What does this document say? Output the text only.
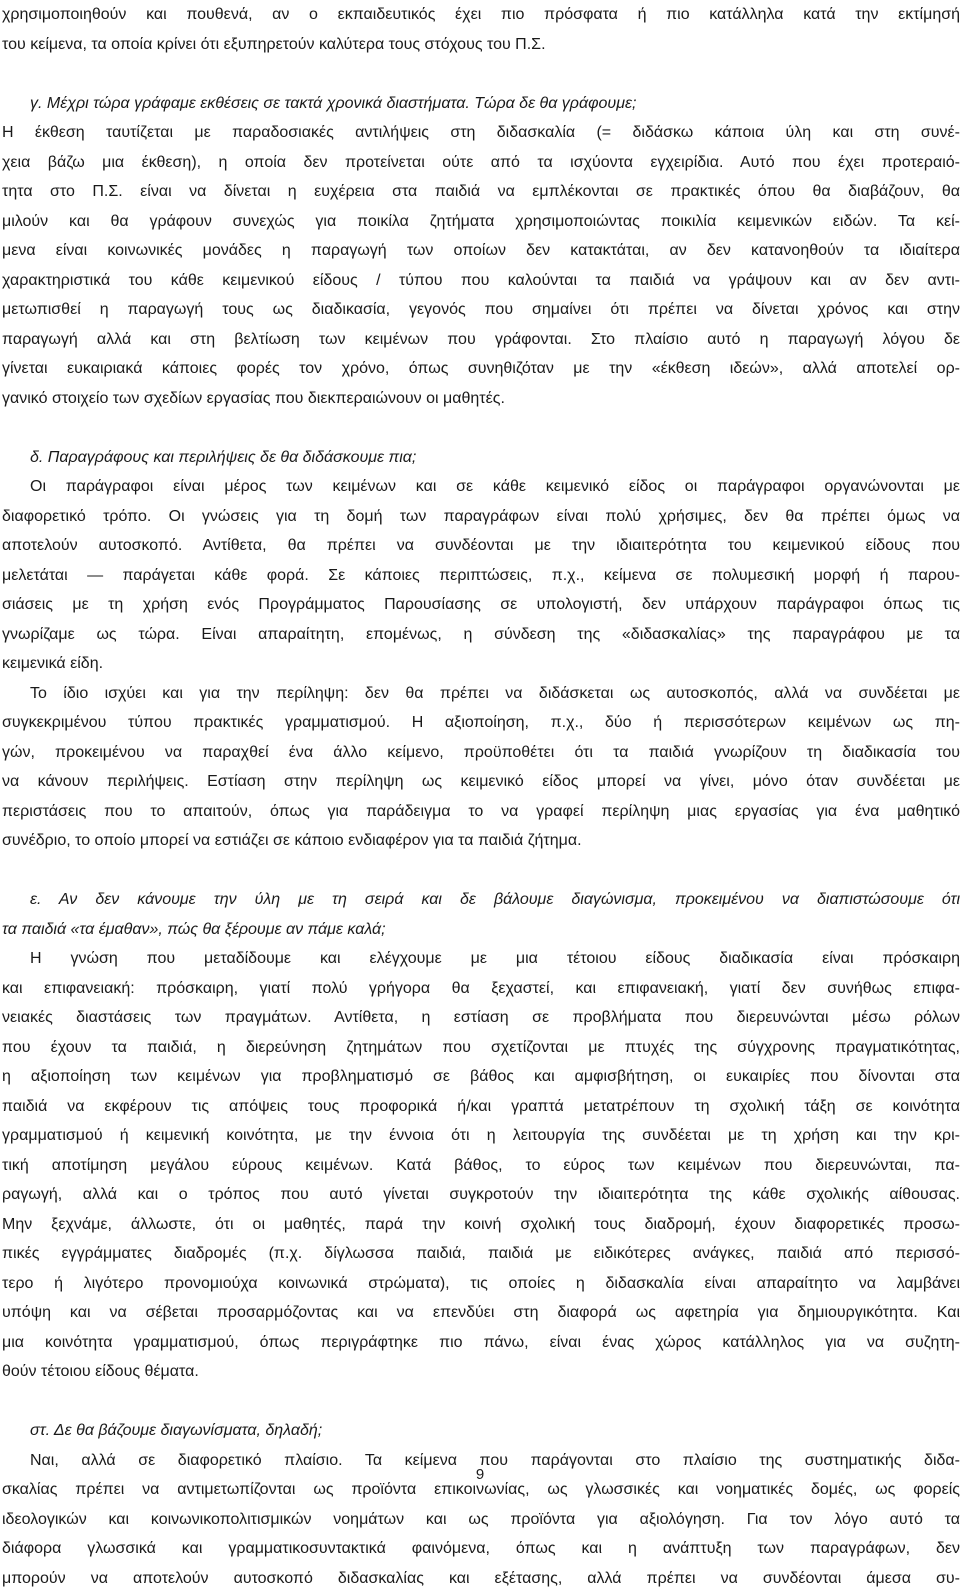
χρησιμοποιηθούν και πουθενά, αν ο εκπαιδευτικός έχει πιο πρόσφατα ή πιο κατάλληλα κατά την εκτίμησή
του κείμενα, τα οποία κρίνει ότι εξυπηρετούν καλύτερα τους στόχους του Π.Σ.
γ. Μέχρι τώρα γράφαμε εκθέσεις σε τακτά χρονικά διαστήματα. Τώρα δε θα γράφουμε;
Η έκθεση ταυτίζεται με παραδοσιακές αντιλήψεις στη διδασκαλία (= διδάσκω κάποια ύλη και στη συνέ-
χεια βάζω μια έκθεση), η οποία δεν προτείνεται ούτε από τα ισχύοντα εγχειρίδια. Αυτό που έχει προτεραιό-
τητα στο Π.Σ. είναι να δίνεται η ευχέρεια στα παιδιά να εμπλέκονται σε πρακτικές όπου θα διαβάζουν, θα
μιλούν και θα γράφουν συνεχώς για ποικίλα ζητήματα χρησιμοποιώντας ποικιλία κειμενικών ειδών. Τα κεί-
μενα είναι κοινωνικές μονάδες η παραγωγή των οποίων δεν κατακτάται, αν δεν κατανοηθούν τα ιδιαίτερα
χαρακτηριστικά του κάθε κειμενικού είδους / τύπου που καλούνται τα παιδιά να γράψουν και αν δεν αντι-
μετωπισθεί η παραγωγή τους ως διαδικασία, γεγονός που σημαίνει ότι πρέπει να δίνεται χρόνος και στην
παραγωγή αλλά και στη βελτίωση των κειμένων που γράφονται. Στο πλαίσιο αυτό η παραγωγή λόγου δε
γίνεται ευκαιριακά κάποιες φορές τον χρόνο, όπως συνηθιζόταν με την «έκθεση ιδεών», αλλά αποτελεί ορ-
γανικό στοιχείο των σχεδίων εργασίας που διεκπεραιώνουν οι μαθητές.
δ. Παραγράφους και περιλήψεις δε θα διδάσκουμε πια;
Οι παράγραφοι είναι μέρος των κειμένων και σε κάθε κειμενικό είδος οι παράγραφοι οργανώνονται με
διαφορετικό τρόπο. Οι γνώσεις για τη δομή των παραγράφων είναι πολύ χρήσιμες, δεν θα πρέπει όμως να
αποτελούν αυτοσκοπό. Αντίθετα, θα πρέπει να συνδέονται με την ιδιαιτερότητα του κειμενικού είδους που
μελετάται — παράγεται κάθε φορά. Σε κάποιες περιπτώσεις, π.χ., κείμενα σε πολυμεσική μορφή ή παρου-
σιάσεις με τη χρήση ενός Προγράμματος Παρουσίασης σε υπολογιστή, δεν υπάρχουν παράγραφοι όπως τις
γνωρίζαμε ως τώρα. Είναι απαραίτητη, επομένως, η σύνδεση της «διδασκαλίας» της παραγράφου με τα
κειμενικά είδη.
Το ίδιο ισχύει και για την περίληψη: δεν θα πρέπει να διδάσκεται ως αυτοσκοπός, αλλά να συνδέεται με
συγκεκριμένου τύπου πρακτικές γραμματισμού. Η αξιοποίηση, π.χ., δύο ή περισσότερων κειμένων ως πη-
γών, προκειμένου να παραχθεί ένα άλλο κείμενο, προϋποθέτει ότι τα παιδιά γνωρίζουν τη διαδικασία του
να κάνουν περιλήψεις. Εστίαση στην περίληψη ως κειμενικό είδος μπορεί να γίνει, μόνο όταν συνδέεται με
περιστάσεις που το απαιτούν, όπως για παράδειγμα το να γραφεί περίληψη μιας εργασίας για ένα μαθητικό
συνέδριο, το οποίο μπορεί να εστιάζει σε κάποιο ενδιαφέρον για τα παιδιά ζήτημα.
ε. Αν δεν κάνουμε την ύλη με τη σειρά και δε βάλουμε διαγώνισμα, προκειμένου να διαπιστώσουμε ότι
τα παιδιά «τα έμαθαν», πώς θα ξέρουμε αν πάμε καλά;
Η γνώση που μεταδίδουμε και ελέγχουμε με μια τέτοιου είδους διαδικασία είναι πρόσκαιρη
και επιφανειακή: πρόσκαιρη, γιατί πολύ γρήγορα θα ξεχαστεί, και επιφανειακή, γιατί δεν συνήθως επιφα-
νειακές διαστάσεις των πραγμάτων. Αντίθετα, η εστίαση σε προβλήματα που διερευνώνται μέσω ρόλων
που έχουν τα παιδιά, η διερεύνηση ζητημάτων που σχετίζονται με πτυχές της σύγχρονης πραγματικότητας,
η αξιοποίηση των κειμένων για προβληματισμό σε βάθος και αμφισβήτηση, οι ευκαιρίες που δίνονται στα
παιδιά να εκφέρουν τις απόψεις τους προφορικά ή/και γραπτά μετατρέπουν τη σχολική τάξη σε κοινότητα
γραμματισμού ή κειμενική κοινότητα, με την έννοια ότι η λειτουργία της συνδέεται με τη χρήση και την κρι-
τική αποτίμηση μεγάλου εύρους κειμένων. Κατά βάθος, το εύρος των κειμένων που διερευνώνται, πα-
ραγωγή, αλλά και ο τρόπος που αυτό γίνεται συγκροτούν την ιδιαιτερότητα της κάθε σχολικής αίθουσας.
Μην ξεχνάμε, άλλωστε, ότι οι μαθητές, παρά την κοινή σχολική τους διαδρομή, έχουν διαφορετικές προσω-
πικές εγγράμματες διαδρομές (π.χ. δίγλωσσα παιδιά, παιδιά με ειδικότερες ανάγκες, παιδιά από περισσό-
τερο ή λιγότερο προνομιούχα κοινωνικά στρώματα), τις οποίες η διδασκαλία είναι απαραίτητο να λαμβάνει
υπόψη και να σέβεται προσαρμόζοντας και να επενδύει στη διαφορά ως αφετηρία για δημιουργικότητα. Και
μια κοινότητα γραμματισμού, όπως περιγράφτηκε πιο πάνω, είναι ένας χώρος κατάλληλος για να συζητη-
θούν τέτοιου είδους θέματα.
στ. Δε θα βάζουμε διαγωνίσματα, δηλαδή;
Ναι, αλλά σε διαφορετικό πλαίσιο. Τα κείμενα που παράγονται στο πλαίσιο της συστηματικής διδα-
σκαλίας πρέπει να αντιμετωπίζονται ως προϊόντα επικοινωνίας, ως γλωσσικές και νοηματικές δομές, ως φορείς
ιδεολογικών και κοινωνικοπολιτισμικών νοημάτων και ως προϊόντα για αξιολόγηση. Για τον λόγο αυτό τα
διάφορα γλωσσικά και γραμματικοσυντακτικά φαινόμενα, όπως και η ανάπτυξη των παραγράφων, δεν
μπορούν να αποτελούν αυτοσκοπό διδασκαλίας και εξέτασης, αλλά πρέπει να συνδέονται άμεσα συ-
9
